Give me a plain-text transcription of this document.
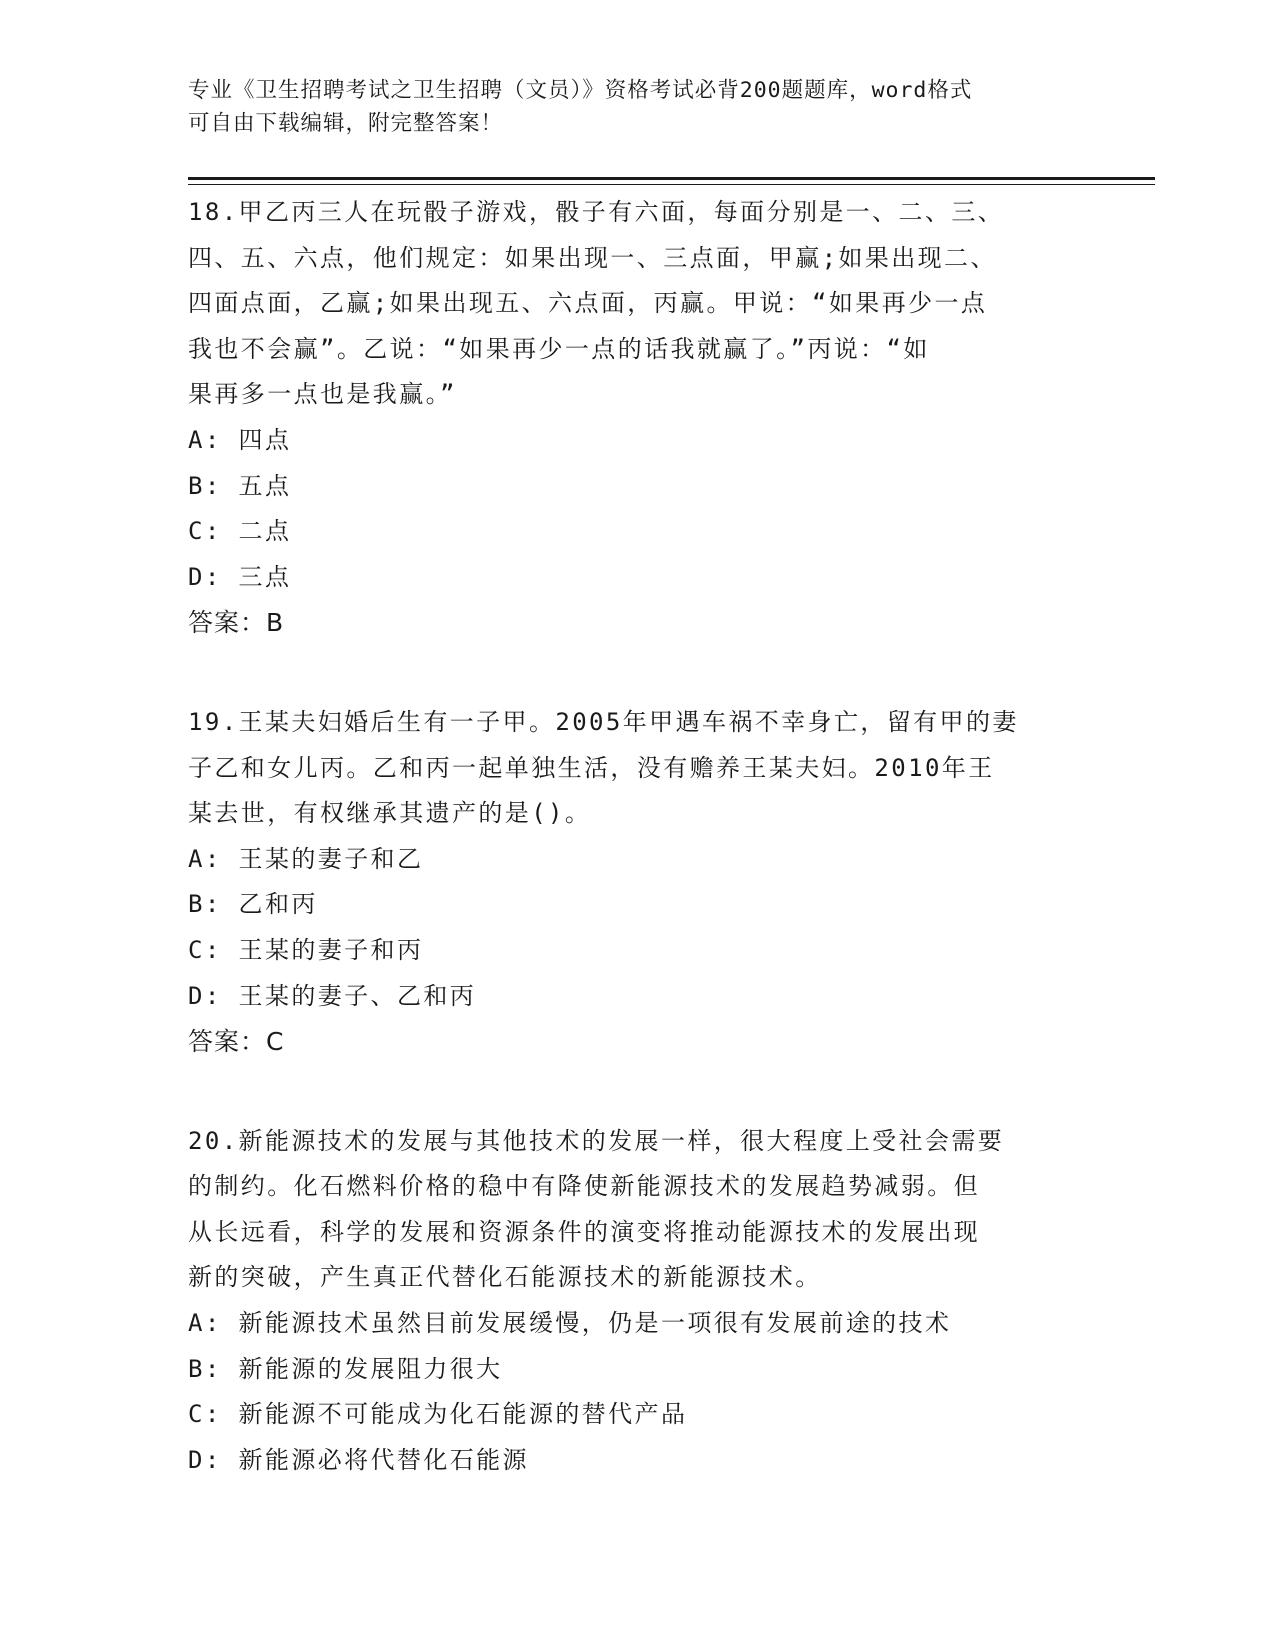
专业《卫生招聘考试之卫生招聘（文员）》资格考试必背200题题库，word格式
可自由下载编辑，附完整答案！
18.甲乙丙三人在玩骰子游戏，骰子有六面，每面分别是一、二、三、
四、五、六点，他们规定：如果出现一、三点面，甲赢;如果出现二、
四面点面，乙赢;如果出现五、六点面，丙赢。甲说：“如果再少一点
我也不会赢”。乙说：“如果再少一点的话我就赢了。”丙说：“如
果再多一点也是我赢。”
A: 四点
B: 五点
C: 二点
D: 三点
答案：B
19.王某夫妇婚后生有一子甲。2005年甲遇车祸不幸身亡，留有甲的妻
子乙和女儿丙。乙和丙一起单独生活，没有赡养王某夫妇。2010年王
某去世，有权继承其遗产的是()。
A: 王某的妻子和乙
B: 乙和丙
C: 王某的妻子和丙
D: 王某的妻子、乙和丙
答案：C
20.新能源技术的发展与其他技术的发展一样，很大程度上受社会需要
的制约。化石燃料价格的稳中有降使新能源技术的发展趋势减弱。但
从长远看，科学的发展和资源条件的演变将推动能源技术的发展出现
新的突破，产生真正代替化石能源技术的新能源技术。
A: 新能源技术虽然目前发展缓慢，仍是一项很有发展前途的技术
B: 新能源的发展阻力很大
C: 新能源不可能成为化石能源的替代产品
D: 新能源必将代替化石能源
